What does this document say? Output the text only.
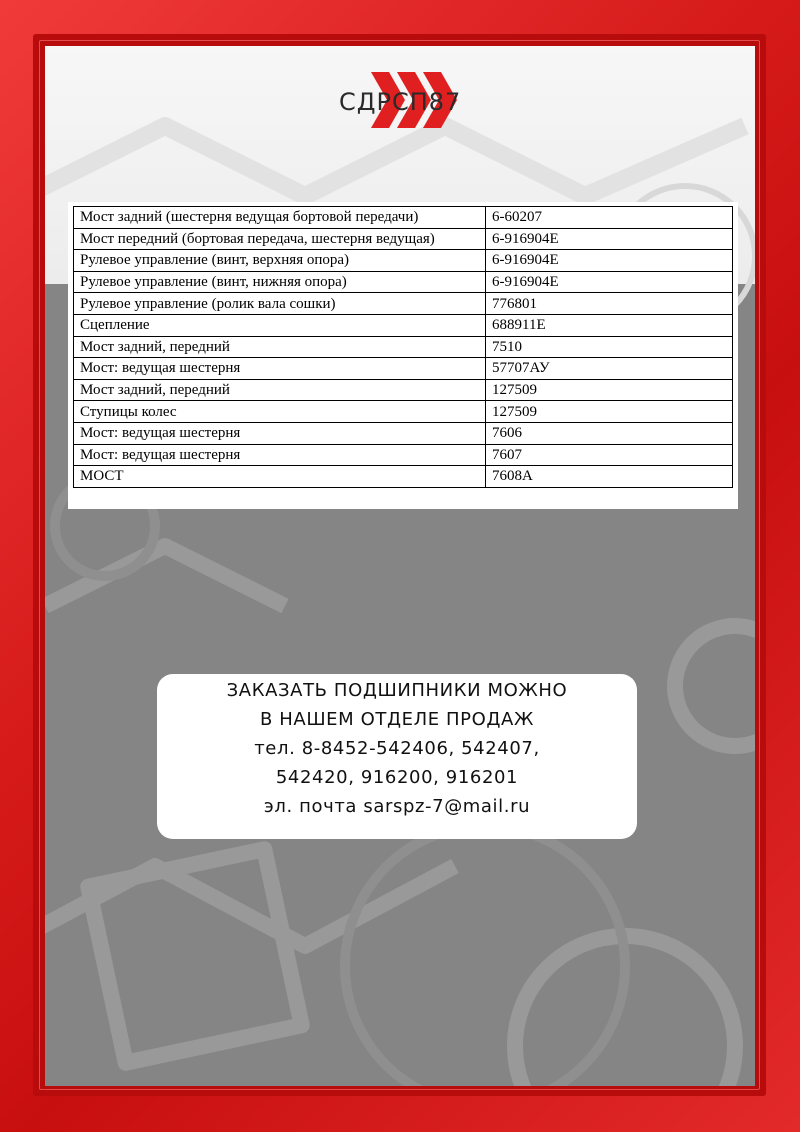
СДРСП87
Мост задний (шестерня ведущая бортовой передачи)	6-60207
Мост передний (бортовая передача, шестерня ведущая)	6-916904Е
Рулевое управление (винт, верхняя опора)	6-916904Е
Рулевое управление (винт, нижняя опора)	6-916904Е
Рулевое управление (ролик вала сошки)	776801
Сцепление	688911Е
Мост задний, передний	7510
Мост: ведущая шестерня	57707АУ
Мост задний, передний	127509
Ступицы колес	127509
Мост: ведущая шестерня	7606
Мост: ведущая шестерня	7607
МОСТ	7608А
ЗАКАЗАТЬ ПОДШИПНИКИ МОЖНО
В НАШЕМ ОТДЕЛЕ ПРОДАЖ
тел. 8-8452-542406, 542407,
542420, 916200, 916201
эл. почта sarspz-7@mail.ru
